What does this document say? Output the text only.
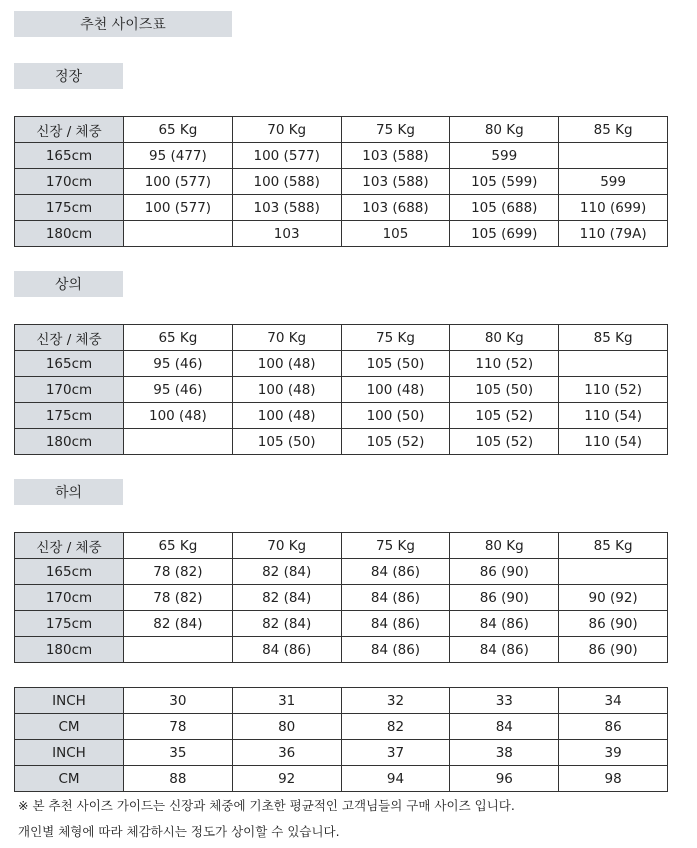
추천 사이즈표
정장
신장 / 체중	65 Kg	70 Kg	75 Kg	80 Kg	85 Kg
165cm	95 (477)	100 (577)	103 (588)	599	
170cm	100 (577)	100 (588)	103 (588)	105 (599)	599
175cm	100 (577)	103 (588)	103 (688)	105 (688)	110 (699)
180cm		103	105	105 (699)	110 (79A)
상의
신장 / 체중	65 Kg	70 Kg	75 Kg	80 Kg	85 Kg
165cm	95 (46)	100 (48)	105 (50)	110 (52)	
170cm	95 (46)	100 (48)	100 (48)	105 (50)	110 (52)
175cm	100 (48)	100 (48)	100 (50)	105 (52)	110 (54)
180cm		105 (50)	105 (52)	105 (52)	110 (54)
하의
신장 / 체중	65 Kg	70 Kg	75 Kg	80 Kg	85 Kg
165cm	78 (82)	82 (84)	84 (86)	86 (90)	
170cm	78 (82)	82 (84)	84 (86)	86 (90)	90 (92)
175cm	82 (84)	82 (84)	84 (86)	84 (86)	86 (90)
180cm		84 (86)	84 (86)	84 (86)	86 (90)
INCH	30	31	32	33	34
CM	78	80	82	84	86
INCH	35	36	37	38	39
CM	88	92	94	96	98
※ 본 추천 사이즈 가이드는 신장과 체중에 기초한 평균적인 고객님들의 구매 사이즈 입니다.
개인별 체형에 따라 체감하시는 정도가 상이할 수 있습니다.
